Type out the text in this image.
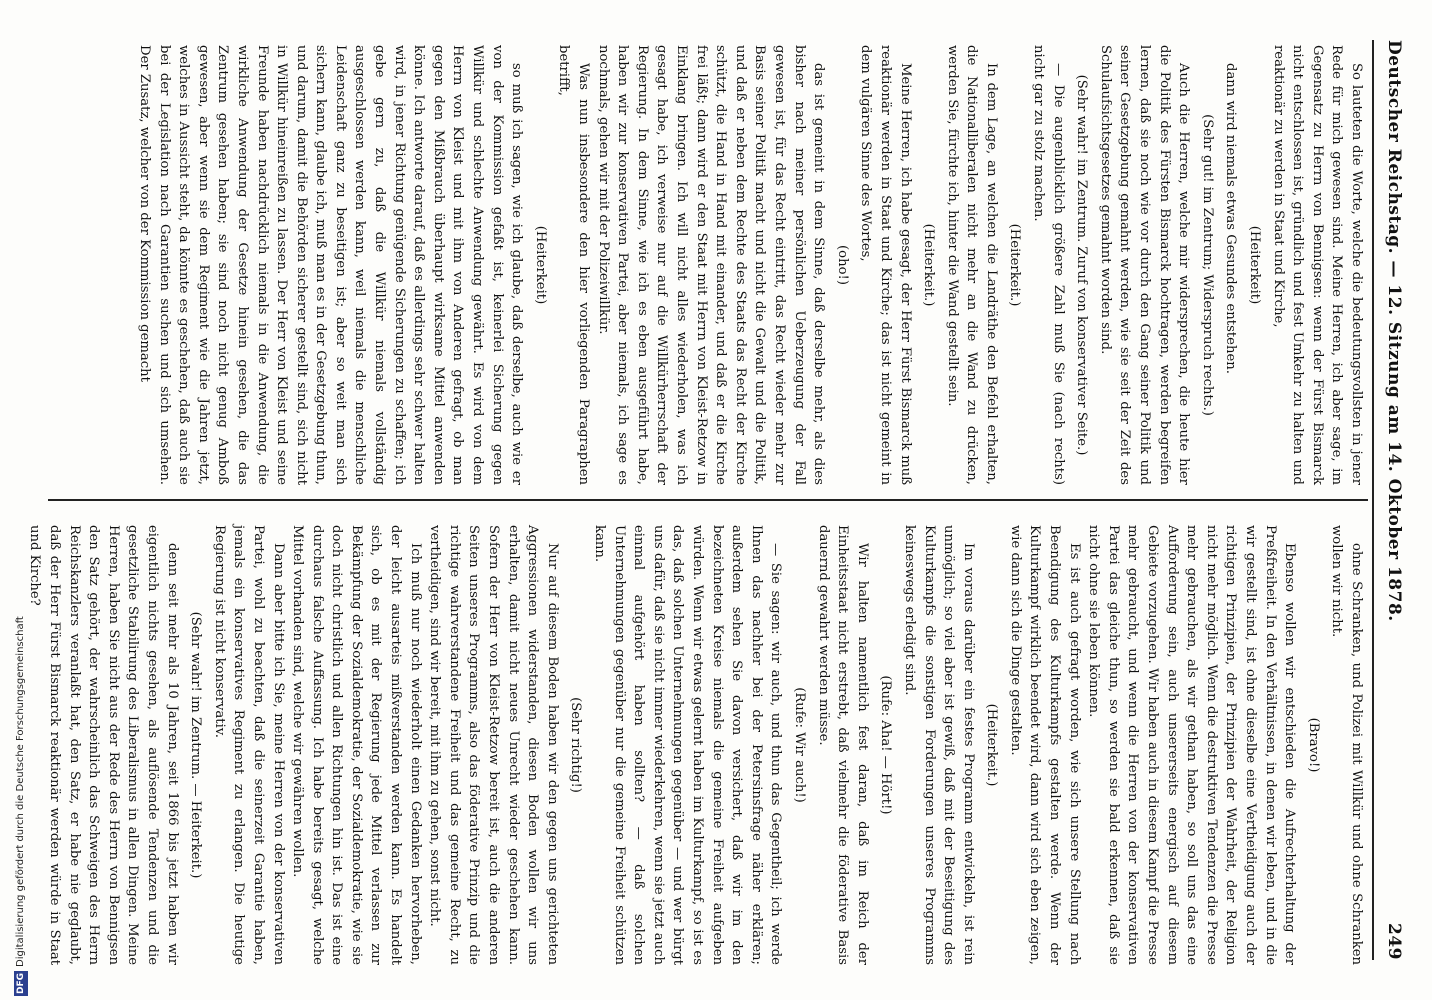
Deutscher Reichstag. — 12. Sitzung am 14. Oktober 1878.
249

So lauteten die Worte, welche die bedeutungsvollsten in jener Rede für mich gewesen sind. Meine Herren, ich aber sage, im Gegensatz zu Herrn von Bennigsen: wenn der Fürst Bismarck nicht entschlossen ist, gründlich und fest Umkehr zu halten und reaktionär zu werden in Staat und Kirche,

(Heiterkeit)

dann wird niemals etwas Gesundes entstehen.

(Sehr gut! im Zentrum; Widerspruch rechts.)

Auch die Herren, welche mir widersprechen, die heute hier die Politik des Fürsten Bismarck hochtragen, werden begreifen lernen, daß sie noch wie vor durch den Gang seiner Politik und seiner Gesetzgebung gemahnt werden, wie sie seit der Zeit des Schulaufsichtsgesetzes gemahnt worden sind.

(Sehr wahr! im Zentrum. Zuruf von konservativer Seite.)

— Die augenblicklich größere Zahl muß Sie (nach rechts) nicht gar zu stolz machen.

(Heiterkeit.)

In dem Lage, an welchen die Landräthe den Befehl erhalten, die Nationalliberalen nicht mehr an die Wand zu drücken, werden Sie, fürchte ich, hinter die Wand gestellt sein.

(Heiterkeit.)

Meine Herren, ich habe gesagt, der Herr Fürst Bismarck muß reaktionär werden in Staat und Kirche; das ist nicht gemeint in dem vulgären Sinne des Wortes,

(oho!)

das ist gemeint in dem Sinne, daß derselbe mehr, als dies bisher nach meiner persönlichen Ueberzeugung der Fall gewesen ist, für das Recht eintritt, das Recht wieder mehr zur Basis seiner Politik macht und nicht die Gewalt und die Politik, und daß er neben dem Rechte des Staats das Recht der Kirche schützt, die Hand in Hand mit einander, und daß er die Kirche frei läßt; dann wird er den Staat mit Herrn von Kleist-Retzow in Einklang bringen. Ich will nicht alles wiederholen, was ich gesagt habe, ich verweise nur auf die Willkürherrschaft der Regierung. In dem Sinne, wie ich es eben ausgeführt habe, haben wir zur konservativen Partei, aber niemals, ich sage es nochmals, gehen wir mit der Polizeiwillkür.

Was nun insbesondere den hier vorliegenden Paragraphen betrifft,

(Heiterkeit)

so muß ich sagen, wie ich glaube, daß derselbe, auch wie er von der Kommission gefaßt ist, keinerlei Sicherung gegen Willkür und schlechte Anwendung gewährt. Es wird von dem Herrn von Kleist und mit ihm von Anderen gefragt, ob man gegen den Mißbrauch überhaupt wirksame Mittel anwenden könne. Ich antworte darauf, daß es allerdings sehr schwer halten wird, in jener Richtung genügende Sicherungen zu schaffen; ich gebe gern zu, daß die Willkür niemals vollständig ausgeschlossen werden kann, weil niemals die menschliche Leidenschaft ganz zu beseitigen ist; aber so weit man sich sichern kann, glaube ich, muß man es in der Gesetzgebung thun, und darum, damit die Behörden sicherer gestellt sind, sich nicht in Willkür hineinreißen zu lassen. Der Herr von Kleist und seine Freunde haben nachdrücklich niemals in die Anwendung, die wirkliche Anwendung der Gesetze hinein gesehen, die das Zentrum gesehen haben; sie sind noch nicht genug Amboß gewesen, aber wenn sie dem Regiment wie die Jahren jetzt, welches in Aussicht steht, da könnte es geschehen, daß auch sie bei der Legislation nach Garantien suchen und sich umsehen. Der Zusatz, welcher von der Kommission gemacht

ohne Schranken, und Polizei mit Willkür und ohne Schranken wollen wir nicht.

(Bravo!)

Ebenso wollen wir entschieden die Aufrechterhaltung der Preßfreiheit. In den Verhältnissen, in denen wir leben, und in die wir gestellt sind, ist ohne dieselbe eine Vertheidigung auch der richtigen Prinzipien, der Prinzipien der Wahrheit, der Religion nicht mehr möglich. Wenn die destruktiven Tendenzen die Presse mehr gebrauchen, als wir gethan haben, so soll uns das eine Aufforderung sein, auch unsererseits energisch auf diesem Gebiete vorzugehen. Wir haben auch in diesem Kampf die Presse mehr gebraucht, und wenn die Herren von der konservativen Partei das gleiche thun, so werden sie bald erkennen, daß sie nicht ohne sie leben können.

Es ist auch gefragt worden, wie sich unsere Stellung nach Beendigung des Kulturkampfs gestalten werde. Wenn der Kulturkampf wirklich beendet wird, dann wird sich eben zeigen, wie dann sich die Dinge gestalten.

(Heiterkeit.)

Im voraus darüber ein festes Programm entwickeln, ist rein unmöglich; so viel aber ist gewiß, daß mit der Beseitigung des Kulturkampfs die sonstigen Forderungen unseres Programms keineswegs erledigt sind.

(Rufe: Aha! — Hört!)

Wir halten namentlich fest daran, daß im Reich der Einheitsstaat nicht erstrebt, daß vielmehr die föderative Basis dauernd gewahrt werden müsse.

(Rufe: Wir auch!)

— Sie sagen: wir auch, und thun das Gegentheil; ich werde Ihnen das nachher bei der Petersinsfrage näher erklären; außerdem sehen Sie davon versichert, daß wir im den bezeichneten Kreise niemals die gemeine Freiheit aufgeben würden. Wenn wir etwas gelernt haben im Kulturkampf, so ist es das, daß solchen Unternehmungen gegenüber — und wer bürgt uns dafür, daß sie nicht immer wiederkehren, wenn sie jetzt auch einmal aufgehört haben sollten? — daß solchen Unternehmungen gegenüber nur die gemeine Freiheit schützen kann.

(Sehr richtig!)

Nur auf diesem Boden haben wir den gegen uns gerichteten Aggressionen widerstanden, diesen Boden wollen wir uns erhalten, damit nicht neues Unrecht wieder geschehen kann. Sofern der Herr von Kleist-Retzow bereit ist, auch die anderen Seiten unseres Programms, also das föderative Prinzip und die richtige wahrverstandene Freiheit und das gemeine Recht, zu vertheidigen, sind wir bereit, mit ihm zu gehen, sonst nicht.

Ich muß nur noch wiederholt einen Gedanken hervorheben, der leicht ausarteis mißverstanden werden kann. Es handelt sich, ob es mit der Regierung jede Mittel verlassen zur Bekämpfung der Sozialdemokratie, der Sozialdemokratie, wie sie doch nicht christlich und allen Richtungen hin ist. Das ist eine durchaus falsche Auffassung. Ich habe bereits gesagt, welche Mittel vorhanden sind, welche wir gewähren wollen.

Dann aber bitte ich Sie, meine Herren von der konservativen Partei, wohl zu beachten, daß die seinerzeit Garantie haben, jemals ein konservatives Regiment zu erlangen. Die heutige Regierung ist nicht konservativ.

(Sehr wahr! im Zentrum. — Heiterkeit.)

denn seit mehr als 10 Jahren, seit 1866 bis jetzt haben wir eigentlich nichts gesehen, als auflösende Tendenzen und die gesetzliche Stabilirung des Liberalismus in allen Dingen. Meine Herren, haben Sie nicht aus der Rede des Herrn von Bennigsen den Satz gehört, der wahrscheinlich das Schweigen des Herrn Reichskanzlers veranlaßt hat, den Satz, er habe nie geglaubt, daß der Herr Fürst Bismarck reaktionär werden würde in Staat und Kirche?

DFGDigitalisierung gefördert durch die Deutsche Forschungsgemeinschaft
